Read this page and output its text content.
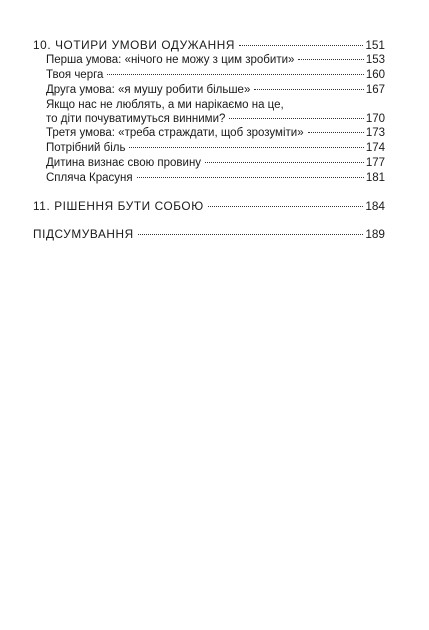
10. ЧОТИРИ УМОВИ ОДУЖАННЯ	151
Перша умова: «нічого не можу з цим зробити»	153
Твоя черга	160
Друга умова: «я мушу робити більше»	167
Якщо нас не люблять, а ми нарікаємо на це,
то діти почуватимуться винними?	170
Третя умова: «треба страждати, щоб зрозуміти»	173
Потрібний біль	174
Дитина визнає свою провину	177
Спляча Красуня	181
11. РІШЕННЯ БУТИ СОБОЮ	184
ПІДСУМУВАННЯ	189
